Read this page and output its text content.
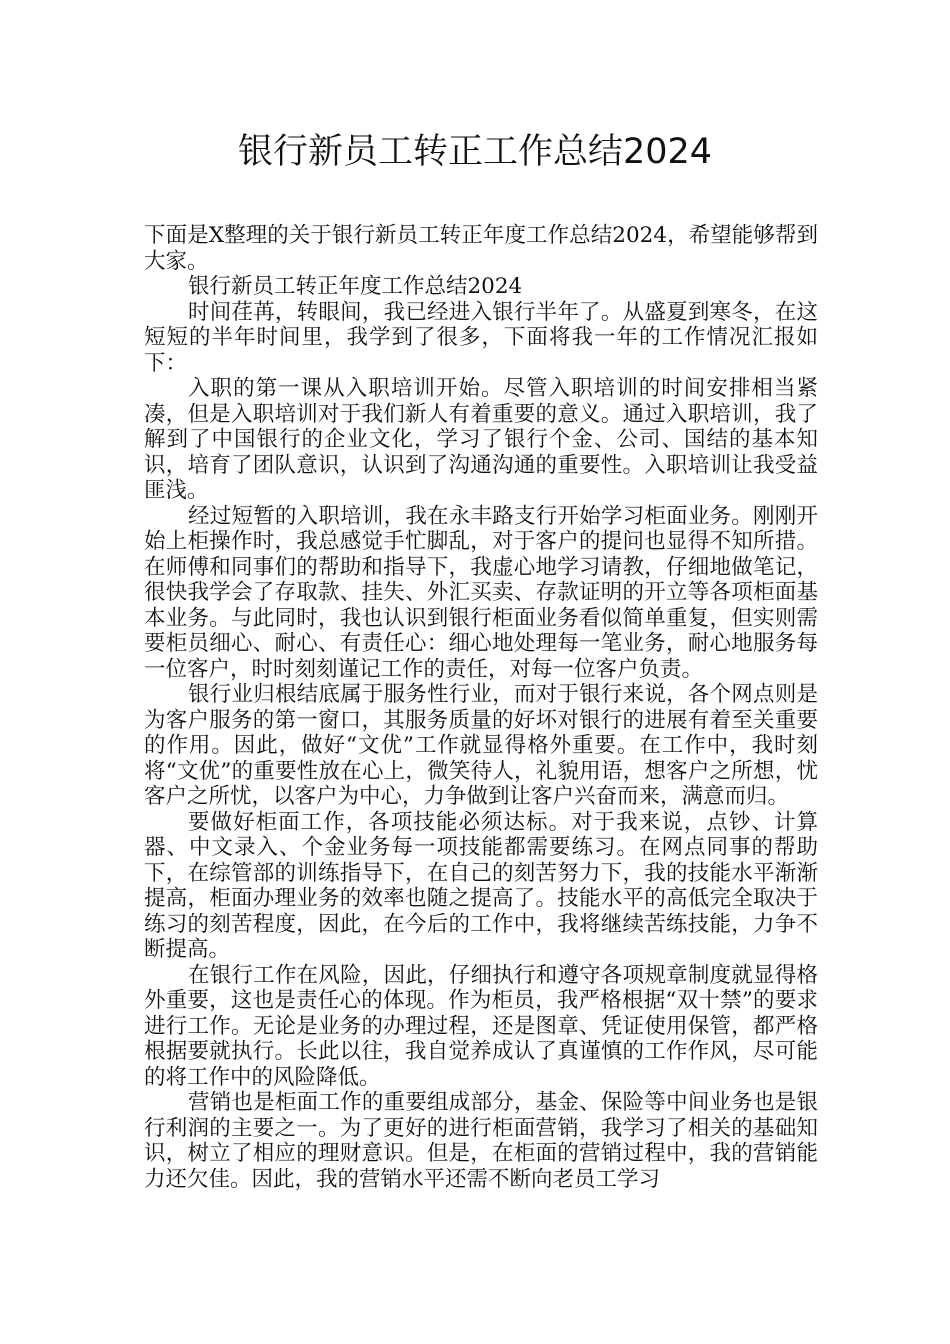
银行新员工转正工作总结2024

下面是X整理的关于银行新员工转正年度工作总结2024，希望能够帮到大家。

银行新员工转正年度工作总结2024

时间荏苒，转眼间，我已经进入银行半年了。从盛夏到寒冬，在这短短的半年时间里，我学到了很多，下面将我一年的工作情况汇报如下：

入职的第一课从入职培训开始。尽管入职培训的时间安排相当紧凑，但是入职培训对于我们新人有着重要的意义。通过入职培训，我了解到了中国银行的企业文化，学习了银行个金、公司、国结的基本知识，培育了团队意识，认识到了沟通沟通的重要性。入职培训让我受益匪浅。

经过短暂的入职培训，我在永丰路支行开始学习柜面业务。刚刚开始上柜操作时，我总感觉手忙脚乱，对于客户的提问也显得不知所措。在师傅和同事们的帮助和指导下，我虚心地学习请教，仔细地做笔记，很快我学会了存取款、挂失、外汇买卖、存款证明的开立等各项柜面基本业务。与此同时，我也认识到银行柜面业务看似简单重复，但实则需要柜员细心、耐心、有责任心：细心地处理每一笔业务，耐心地服务每一位客户，时时刻刻谨记工作的责任，对每一位客户负责。

银行业归根结底属于服务性行业，而对于银行来说，各个网点则是为客户服务的第一窗口，其服务质量的好坏对银行的进展有着至关重要的作用。因此，做好“文优”工作就显得格外重要。在工作中，我时刻将“文优”的重要性放在心上，微笑待人，礼貌用语，想客户之所想，忧客户之所忧，以客户为中心，力争做到让客户兴奋而来，满意而归。

要做好柜面工作，各项技能必须达标。对于我来说，点钞、计算器、中文录入、个金业务每一项技能都需要练习。在网点同事的帮助下，在综管部的训练指导下，在自己的刻苦努力下，我的技能水平渐渐提高，柜面办理业务的效率也随之提高了。技能水平的高低完全取决于练习的刻苦程度，因此，在今后的工作中，我将继续苦练技能，力争不断提高。

在银行工作在风险，因此，仔细执行和遵守各项规章制度就显得格外重要，这也是责任心的体现。作为柜员，我严格根据“双十禁”的要求进行工作。无论是业务的办理过程，还是图章、凭证使用保管，都严格根据要就执行。长此以往，我自觉养成认了真谨慎的工作作风，尽可能的将工作中的风险降低。

营销也是柜面工作的重要组成部分，基金、保险等中间业务也是银行利润的主要之一。为了更好的进行柜面营销，我学习了相关的基础知识，树立了相应的理财意识。但是，在柜面的营销过程中，我的营销能力还欠佳。因此，我的营销水平还需不断向老员工学习
